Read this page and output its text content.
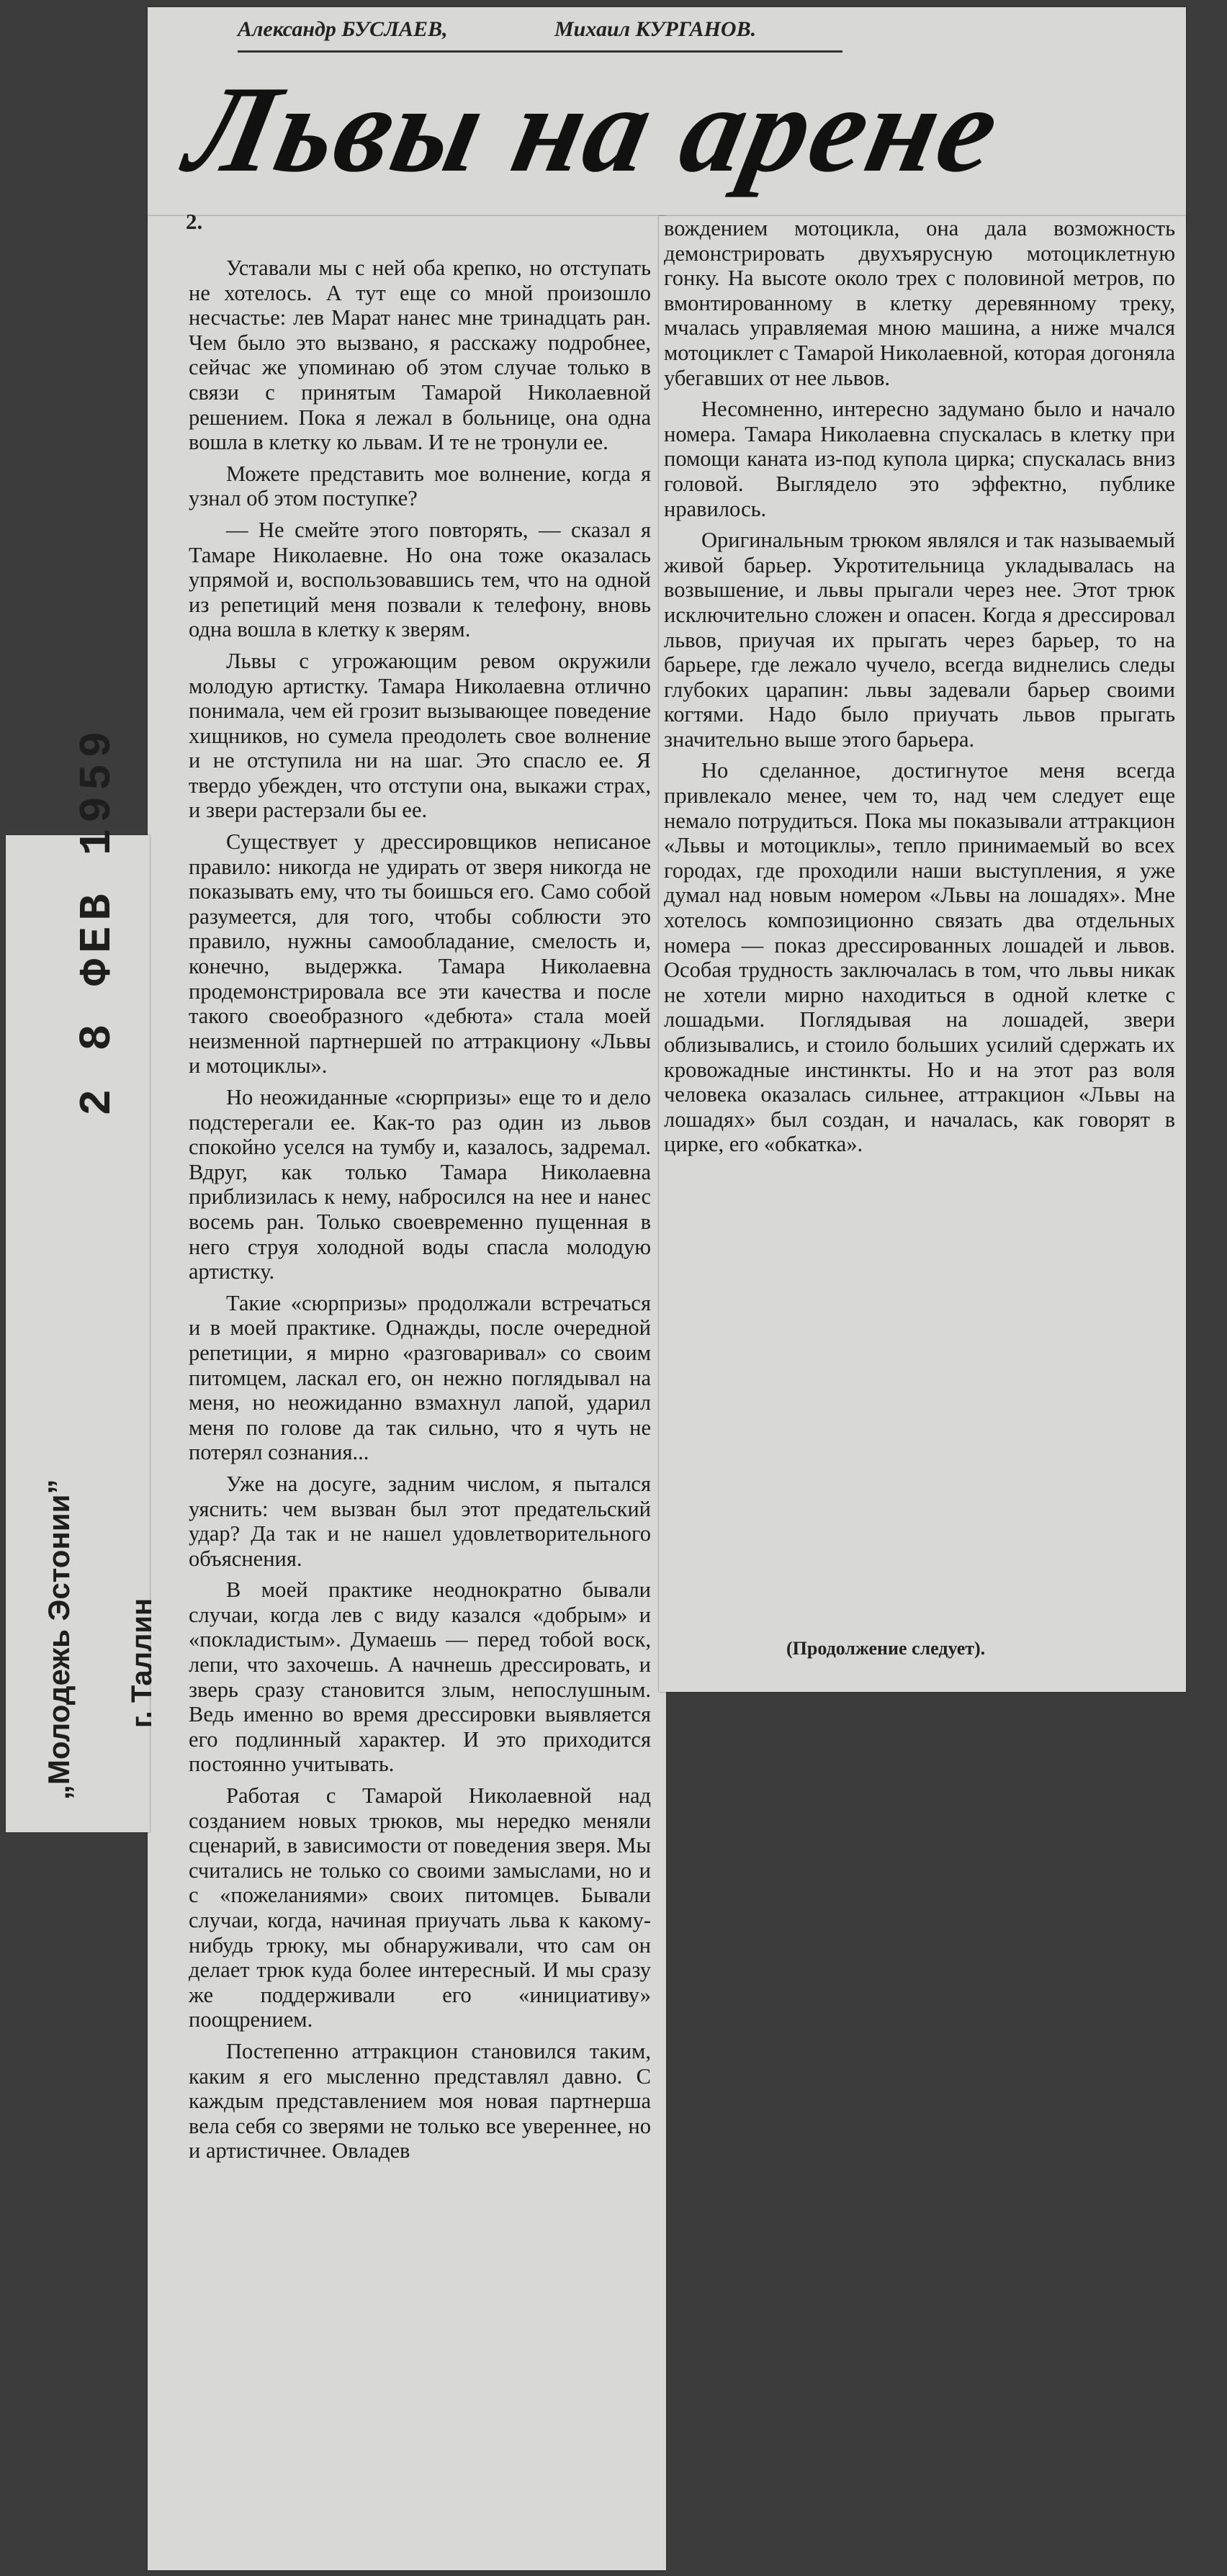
Александр БУСЛАЕВ,	Михаил КУРГАНОВ.
Львы на арене
2.

Уставали мы с ней оба крепко, но отступать не хотелось. А тут еще со мной произошло несчастье: лев Марат нанес мне тринадцать ран. Чем было это вызвано, я расскажу подробнее, сейчас же упоминаю об этом случае только в связи с принятым Тамарой Николаевной решением. Пока я лежал в больнице, она одна вошла в клетку ко львам. И те не тронули ее.

Можете представить мое волнение, когда я узнал об этом поступке?

— Не смейте этого повторять, — сказал я Тамаре Николаевне. Но она тоже оказалась упрямой и, воспользовавшись тем, что на одной из репетиций меня позвали к телефону, вновь одна вошла в клетку к зверям.

Львы с угрожающим ревом окружили молодую артистку. Тамара Николаевна отлично понимала, чем ей грозит вызывающее поведение хищников, но сумела преодолеть свое волнение и не отступила ни на шаг. Это спасло ее. Я твердо убежден, что отступи она, выкажи страх, и звери растерзали бы ее.

Существует у дрессировщиков неписаное правило: никогда не удирать от зверя никогда не показывать ему, что ты боишься его. Само собой разумеется, для того, чтобы соблюсти это правило, нужны самообладание, смелость и, конечно, выдержка. Тамара Николаевна продемонстрировала все эти качества и после такого своеобразного «дебюта» стала моей неизменной партнершей по аттракциону «Львы и мотоциклы».

Но неожиданные «сюрпризы» еще то и дело подстерегали ее. Как-то раз один из львов спокойно уселся на тумбу и, казалось, задремал. Вдруг, как только Тамара Николаевна приблизилась к нему, набросился на нее и нанес восемь ран. Только своевременно пущенная в него струя холодной воды спасла молодую артистку.

Такие «сюрпризы» продолжали встречаться и в моей практике. Однажды, после очередной репетиции, я мирно «разговаривал» со своим питомцем, ласкал его, он нежно поглядывал на меня, но неожиданно взмахнул лапой, ударил меня по голове да так сильно, что я чуть не потерял сознания...

Уже на досуге, задним числом, я пытался уяснить: чем вызван был этот предательский удар? Да так и не нашел удовлетворительного объяснения.

В моей практике неоднократно бывали случаи, когда лев с виду казался «добрым» и «покладистым». Думаешь — перед тобой воск, лепи, что захочешь. А начнешь дрессировать, и зверь сразу становится злым, непослушным. Ведь именно во время дрессировки выявляется его подлинный характер. И это приходится постоянно учитывать.

Работая с Тамарой Николаевной над созданием новых трюков, мы нередко меняли сценарий, в зависимости от поведения зверя. Мы считались не только со своими замыслами, но и с «пожеланиями» своих питомцев. Бывали случаи, когда, начиная приучать льва к какому-нибудь трюку, мы обнаруживали, что сам он делает трюк куда более интересный. И мы сразу же поддерживали его «инициативу» поощрением.

Постепенно аттракцион становился таким, каким я его мысленно представлял давно. С каждым представлением моя новая партнерша вела себя со зверями не только все увереннее, но и артистичнее. Овладев

вождением мотоцикла, она дала возможность демонстрировать двухъярусную мотоциклетную гонку. На высоте около трех с половиной метров, по вмонтированному в клетку деревянному треку, мчалась управляемая мною машина, а ниже мчался мотоциклет с Тамарой Николаевной, которая догоняла убегавших от нее львов.

Несомненно, интересно задумано было и начало номера. Тамара Николаевна спускалась в клетку при помощи каната из-под купола цирка; спускалась вниз головой. Выглядело это эффектно, публике нравилось.

Оригинальным трюком являлся и так называемый живой барьер. Укротительница укладывалась на возвышение, и львы прыгали через нее. Этот трюк исключительно сложен и опасен. Когда я дрессировал львов, приучая их прыгать через барьер, то на барьере, где лежало чучело, всегда виднелись следы глубоких царапин: львы задевали барьер своими когтями. Надо было приучать львов прыгать значительно выше этого барьера.

Но сделанное, достигнутое меня всегда привлекало менее, чем то, над чем следует еще немало потрудиться. Пока мы показывали аттракцион «Львы и мотоциклы», тепло принимаемый во всех городах, где проходили наши выступления, я уже думал над новым номером «Львы на лошадях». Мне хотелось композиционно связать два отдельных номера — показ дрессированных лошадей и львов. Особая трудность заключалась в том, что львы никак не хотели мирно находиться в одной клетке с лошадьми. Поглядывая на лошадей, звери облизывались, и стоило больших усилий сдержать их кровожадные инстинкты. Но и на этот раз воля человека оказалась сильнее, аттракцион «Львы на лошадях» был создан, и началась, как говорят в цирке, его «обкатка».

(Продолжение следует).
2 8 ФЕВ 1959
„Молодежь Эстонии” г. Таллин
